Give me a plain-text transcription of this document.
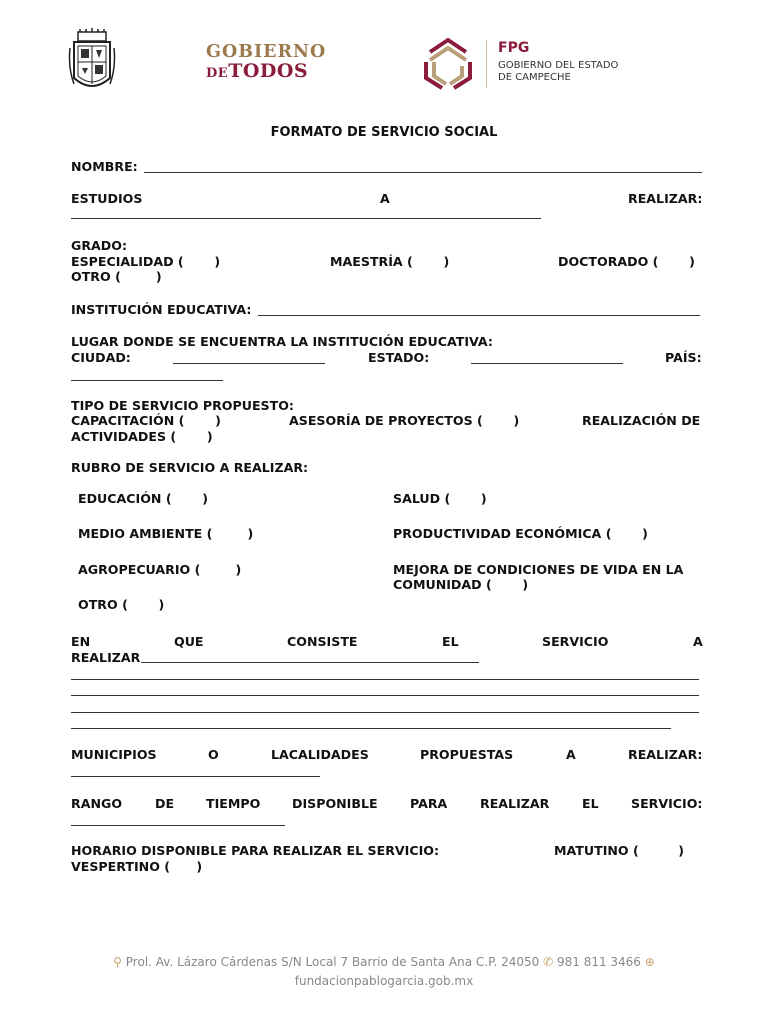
GOBIERNO
DETODOS
FPG
GOBIERNO DEL ESTADO
DE CAMPECHE
FORMATO DE SERVICIO SOCIAL
NOMBRE:
ESTUDIOS	A	REALIZAR:
GRADO:
ESPECIALIDAD (       )	MAESTRÍA (       )	DOCTORADO (       )
OTRO (        )
INSTITUCIÓN EDUCATIVA:
LUGAR DONDE SE ENCUENTRA LA INSTITUCIÓN EDUCATIVA:
CIUDAD:	ESTADO:	PAÍS:
TIPO DE SERVICIO PROPUESTO:
CAPACITACIÓN (       )	ASESORÍA DE PROYECTOS (       )	REALIZACIÓN DE
ACTIVIDADES (       )
RUBRO DE SERVICIO A REALIZAR:
EDUCACIÓN (       )	SALUD (       )
MEDIO AMBIENTE (        )	PRODUCTIVIDAD ECONÓMICA (       )
AGROPECUARIO (        )	MEJORA DE CONDICIONES DE VIDA EN LA
COMUNIDAD (       )
OTRO (       )
EN	QUE	CONSISTE	EL	SERVICIO	A
REALIZAR
MUNICIPIOS	O	LACALIDADES	PROPUESTAS	A	REALIZAR:
RANGO	DE	TIEMPO	DISPONIBLE	PARA	REALIZAR	EL	SERVICIO:
HORARIO DISPONIBLE PARA REALIZAR EL SERVICIO:	MATUTINO (         )
VESPERTINO (      )
⚲ Prol. Av. Lázaro Cárdenas S/N Local 7 Barrio de Santa Ana C.P. 24050 ✆ 981 811 3466 ⊕
fundacionpablogarcia.gob.mx
